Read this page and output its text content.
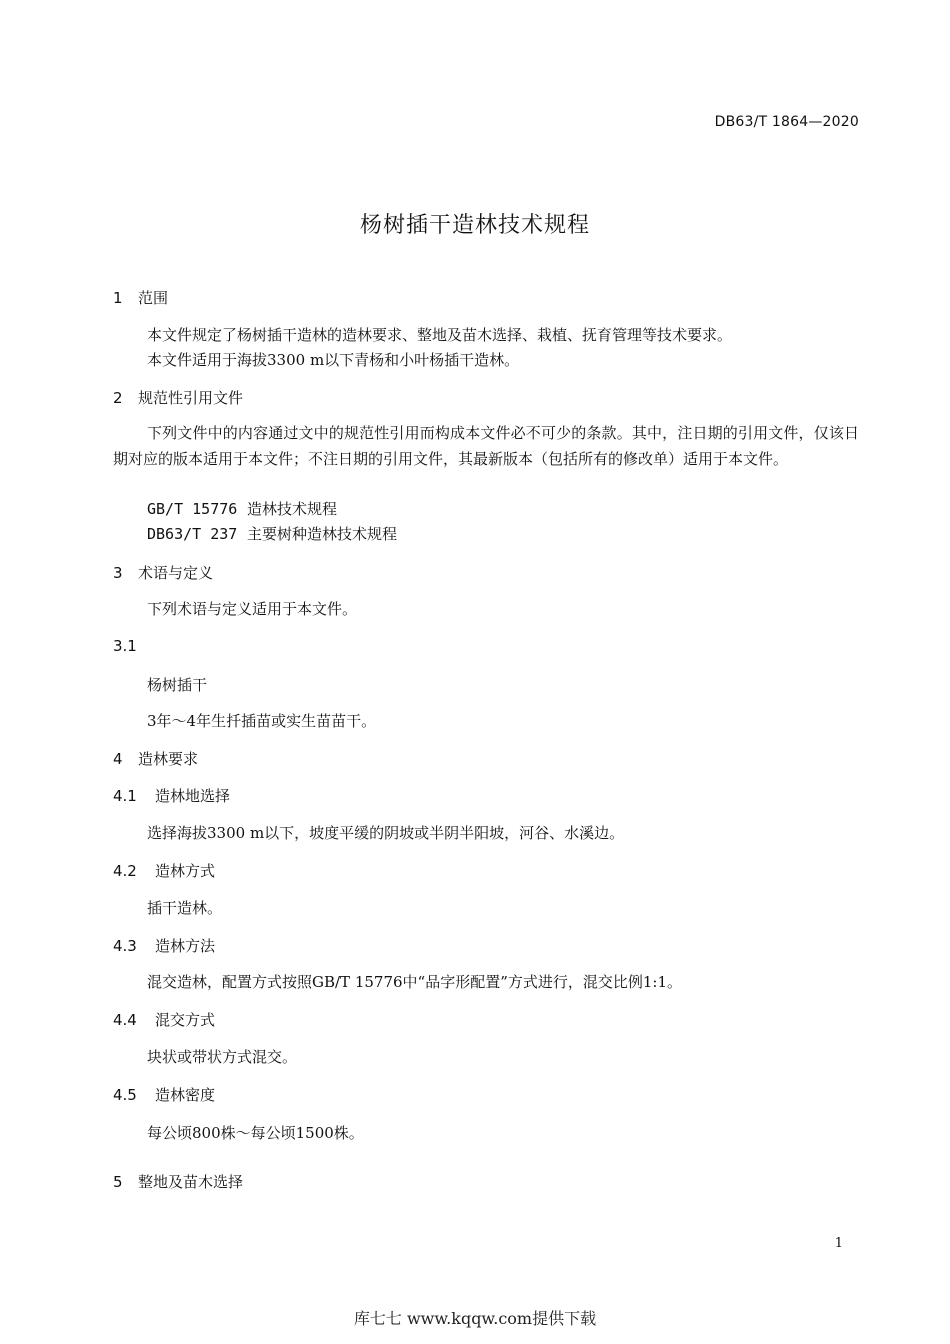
DB63/T 1864—2020
杨树插干造林技术规程
1 范围
本文件规定了杨树插干造林的造林要求、整地及苗木选择、栽植、抚育管理等技术要求。
本文件适用于海拔3300 m以下青杨和小叶杨插干造林。
2 规范性引用文件
下列文件中的内容通过文中的规范性引用而构成本文件必不可少的条款。其中，注日期的引用文件，仅该日期对应的版本适用于本文件；不注日期的引用文件，其最新版本（包括所有的修改单）适用于本文件。
GB/T 15776 造林技术规程
DB63/T 237 主要树种造林技术规程
3 术语与定义
下列术语与定义适用于本文件。
3.1
杨树插干
3年～4年生扦插苗或实生苗苗干。
4 造林要求
4.1 造林地选择
选择海拔3300 m以下，坡度平缓的阴坡或半阴半阳坡，河谷、水溪边。
4.2 造林方式
插干造林。
4.3 造林方法
混交造林，配置方式按照GB/T 15776中“品字形配置”方式进行，混交比例1:1。
4.4 混交方式
块状或带状方式混交。
4.5 造林密度
每公顷800株～每公顷1500株。
5 整地及苗木选择
1
库七七 www.kqqw.com提供下载
